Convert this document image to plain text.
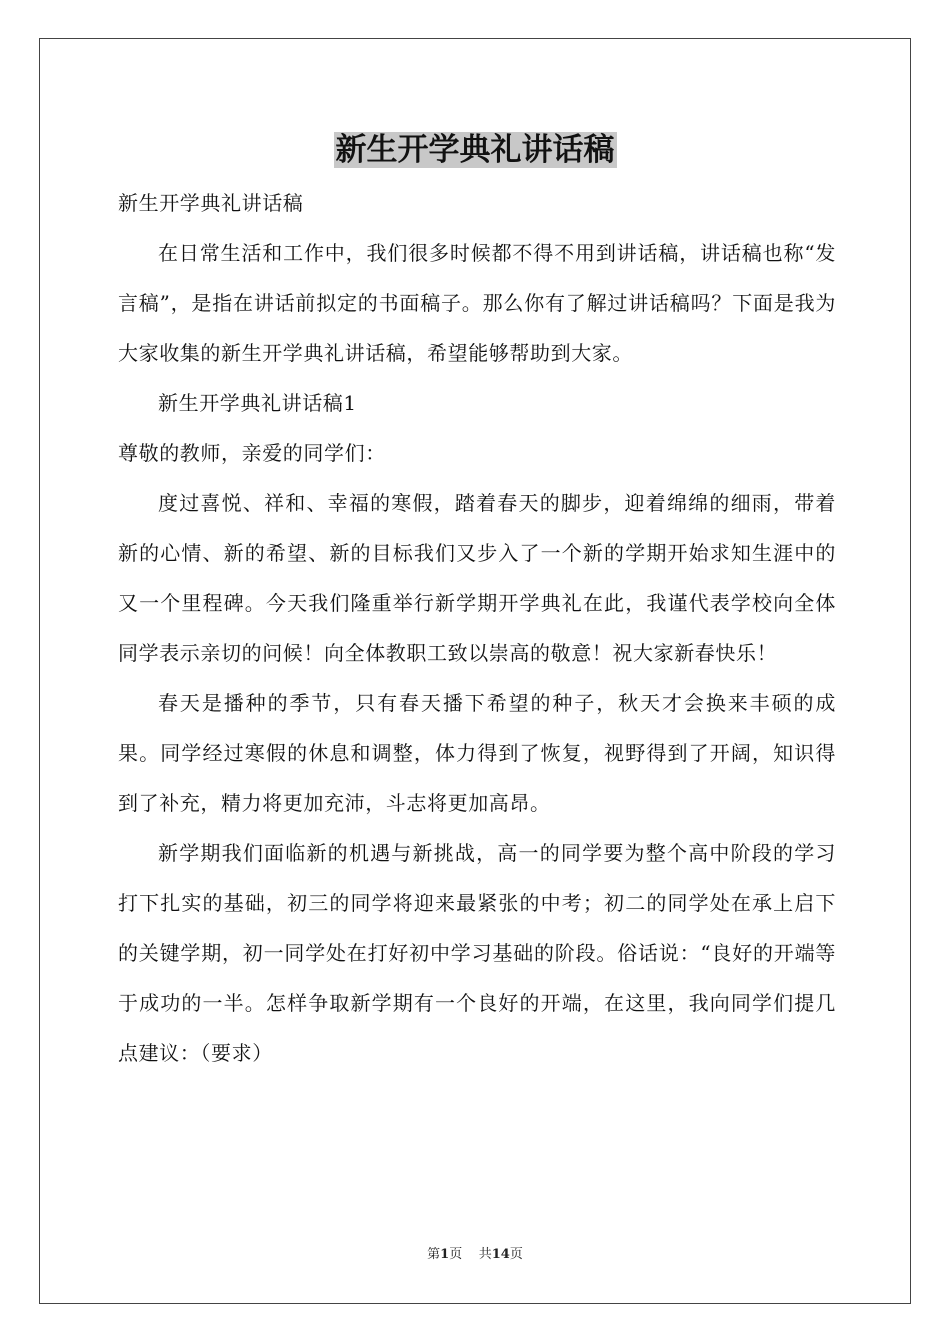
新生开学典礼讲话稿

新生开学典礼讲话稿

在日常生活和工作中，我们很多时候都不得不用到讲话稿，讲话稿也称“发言稿”，是指在讲话前拟定的书面稿子。那么你有了解过讲话稿吗？下面是我为大家收集的新生开学典礼讲话稿，希望能够帮助到大家。

新生开学典礼讲话稿1

尊敬的教师，亲爱的同学们：

度过喜悦、祥和、幸福的寒假，踏着春天的脚步，迎着绵绵的细雨，带着新的心情、新的希望、新的目标我们又步入了一个新的学期开始求知生涯中的又一个里程碑。今天我们隆重举行新学期开学典礼在此，我谨代表学校向全体同学表示亲切的问候！向全体教职工致以崇高的敬意！祝大家新春快乐！

春天是播种的季节，只有春天播下希望的种子，秋天才会换来丰硕的成果。同学经过寒假的休息和调整，体力得到了恢复，视野得到了开阔，知识得到了补充，精力将更加充沛，斗志将更加高昂。

新学期我们面临新的机遇与新挑战，高一的同学要为整个高中阶段的学习打下扎实的基础，初三的同学将迎来最紧张的中考；初二的同学处在承上启下的关键学期，初一同学处在打好初中学习基础的阶段。俗话说：“良好的开端等于成功的一半。怎样争取新学期有一个良好的开端，在这里，我向同学们提几点建议：（要求）

第1页 共14页
